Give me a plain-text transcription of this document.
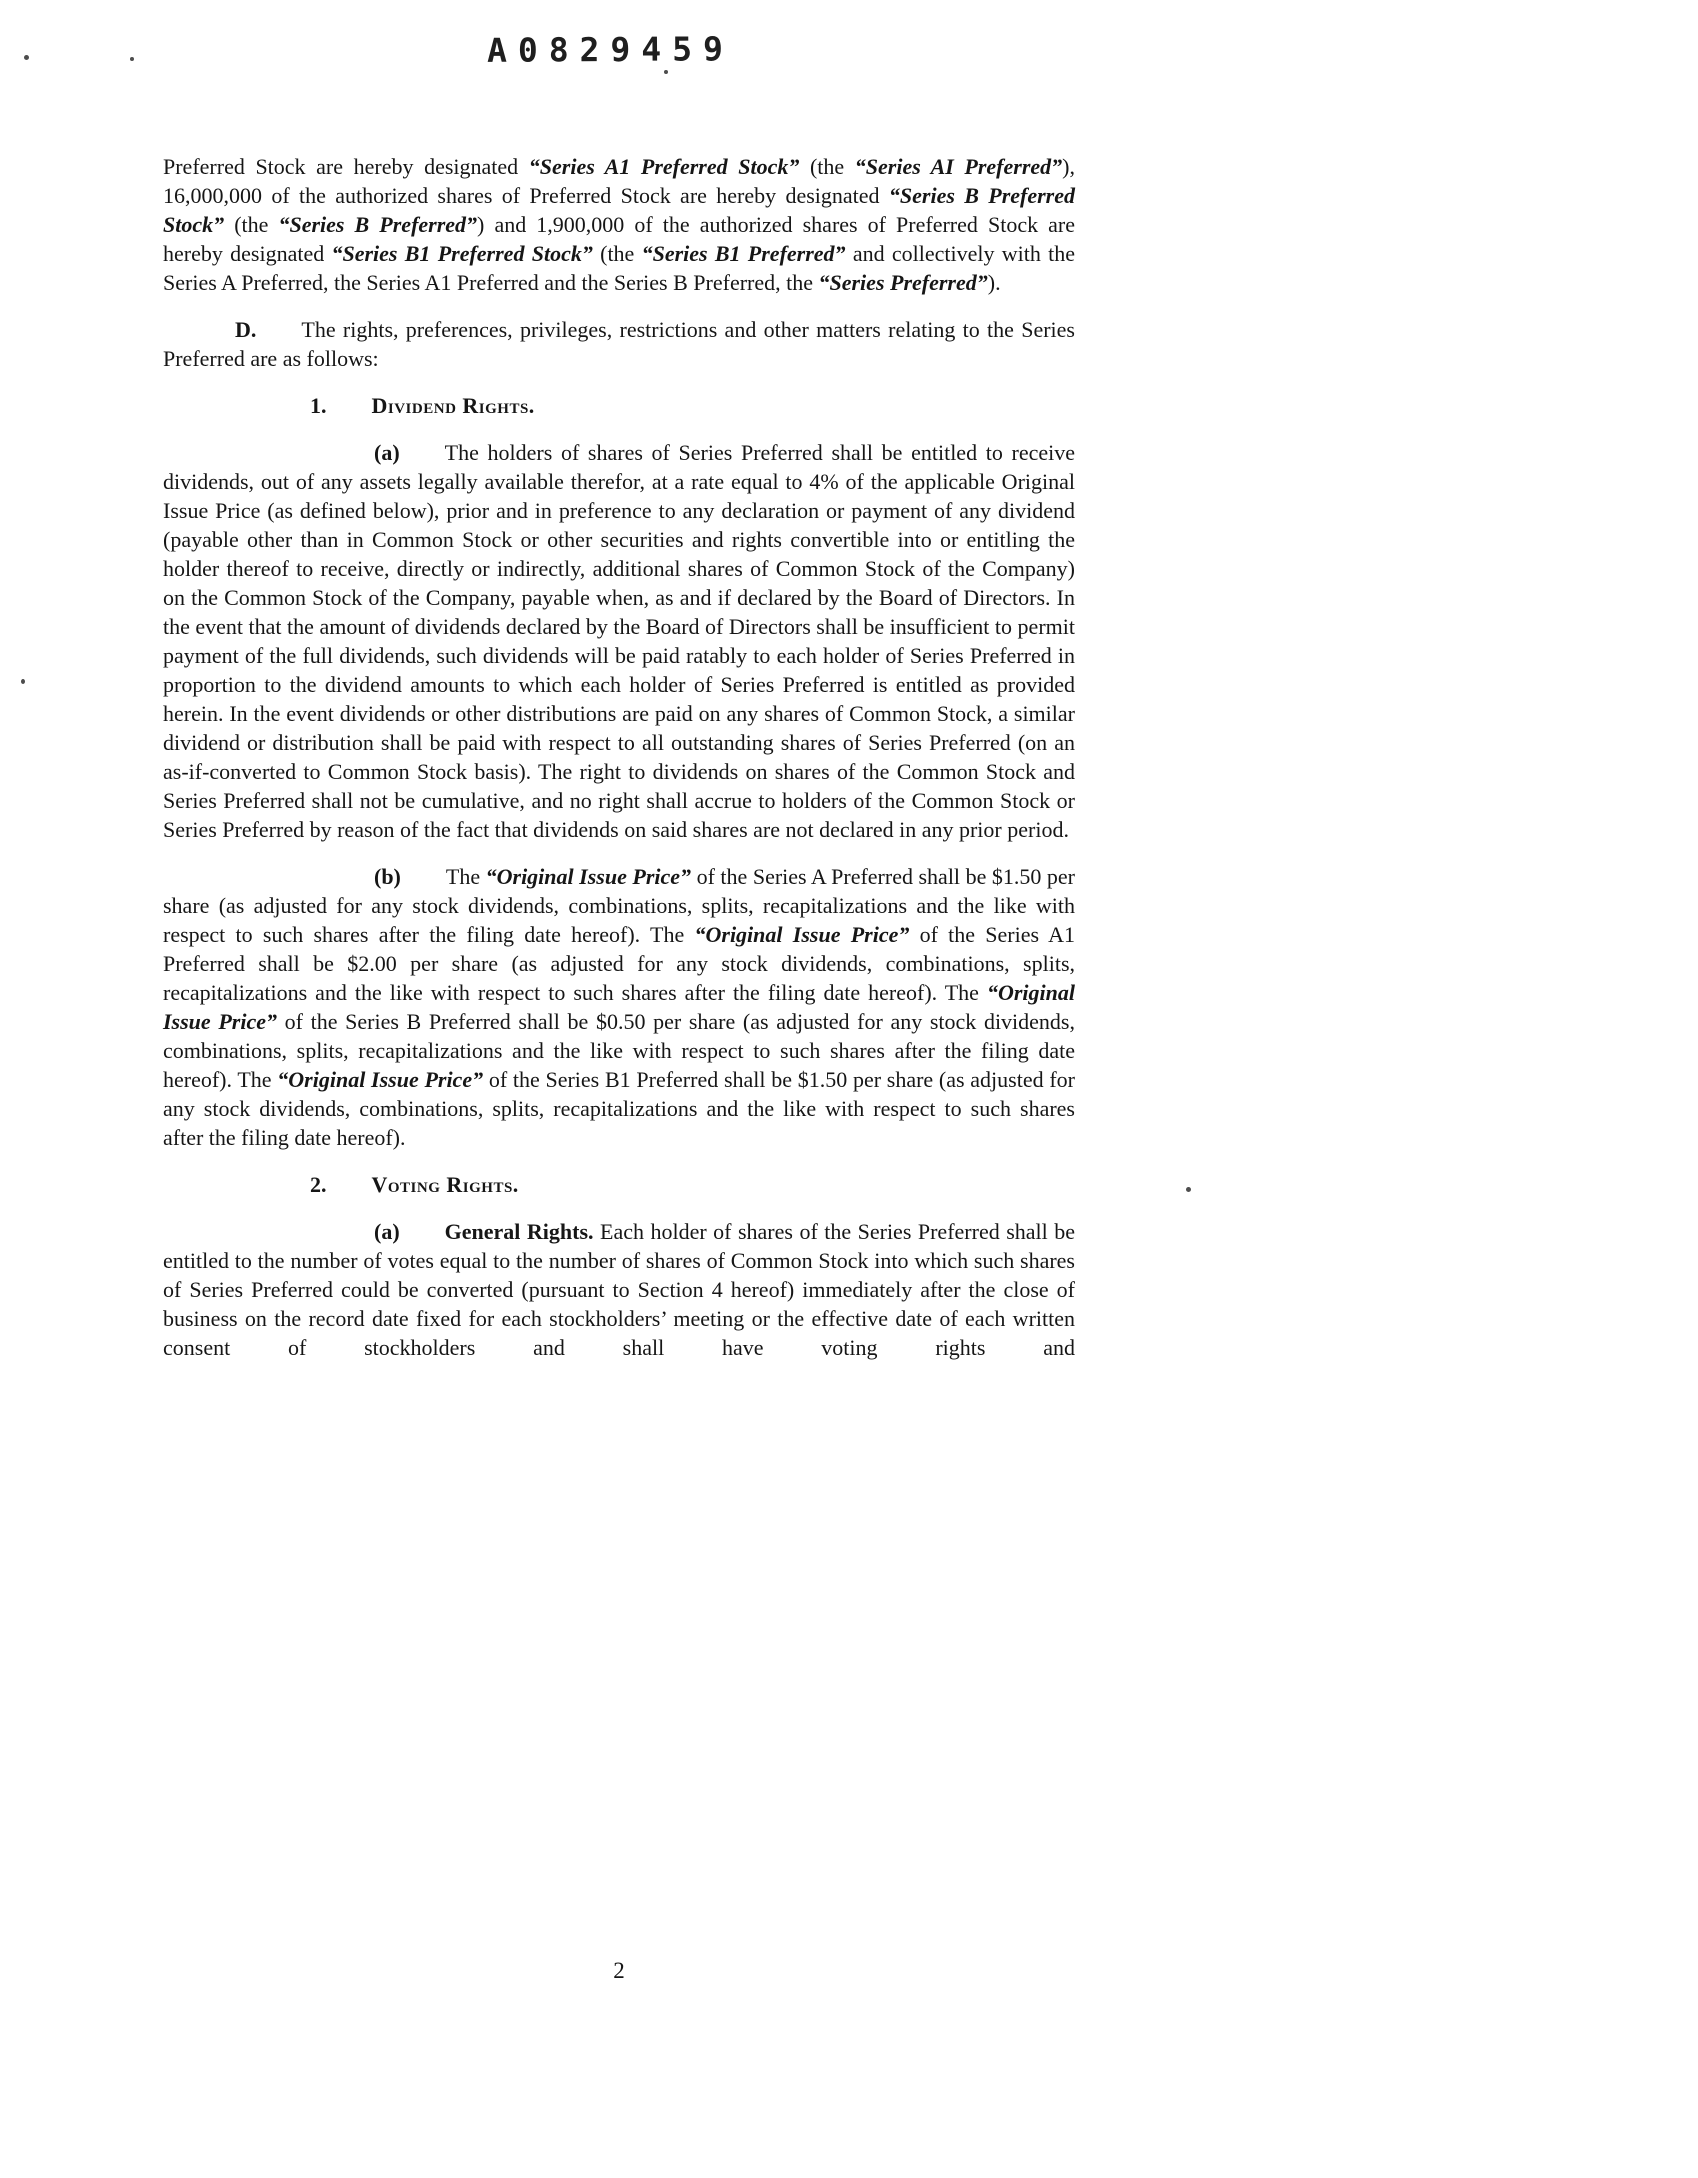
A0829459

Preferred Stock are hereby designated “Series A1 Preferred Stock” (the “Series AI Preferred”), 16,000,000 of the authorized shares of Preferred Stock are hereby designated “Series B Preferred Stock” (the “Series B Preferred”) and 1,900,000 of the authorized shares of Preferred Stock are hereby designated “Series B1 Preferred Stock” (the “Series B1 Preferred” and collectively with the Series A Preferred, the Series A1 Preferred and the Series B Preferred, the “Series Preferred”).

D. The rights, preferences, privileges, restrictions and other matters relating to the Series Preferred are as follows:

1. Dividend Rights.

(a) The holders of shares of Series Preferred shall be entitled to receive dividends, out of any assets legally available therefor, at a rate equal to 4% of the applicable Original Issue Price (as defined below), prior and in preference to any declaration or payment of any dividend (payable other than in Common Stock or other securities and rights convertible into or entitling the holder thereof to receive, directly or indirectly, additional shares of Common Stock of the Company) on the Common Stock of the Company, payable when, as and if declared by the Board of Directors. In the event that the amount of dividends declared by the Board of Directors shall be insufficient to permit payment of the full dividends, such dividends will be paid ratably to each holder of Series Preferred in proportion to the dividend amounts to which each holder of Series Preferred is entitled as provided herein. In the event dividends or other distributions are paid on any shares of Common Stock, a similar dividend or distribution shall be paid with respect to all outstanding shares of Series Preferred (on an as-if-converted to Common Stock basis). The right to dividends on shares of the Common Stock and Series Preferred shall not be cumulative, and no right shall accrue to holders of the Common Stock or Series Preferred by reason of the fact that dividends on said shares are not declared in any prior period.

(b) The “Original Issue Price” of the Series A Preferred shall be $1.50 per share (as adjusted for any stock dividends, combinations, splits, recapitalizations and the like with respect to such shares after the filing date hereof). The “Original Issue Price” of the Series A1 Preferred shall be $2.00 per share (as adjusted for any stock dividends, combinations, splits, recapitalizations and the like with respect to such shares after the filing date hereof). The “Original Issue Price” of the Series B Preferred shall be $0.50 per share (as adjusted for any stock dividends, combinations, splits, recapitalizations and the like with respect to such shares after the filing date hereof). The “Original Issue Price” of the Series B1 Preferred shall be $1.50 per share (as adjusted for any stock dividends, combinations, splits, recapitalizations and the like with respect to such shares after the filing date hereof).

2. Voting Rights.

(a) General Rights. Each holder of shares of the Series Preferred shall be entitled to the number of votes equal to the number of shares of Common Stock into which such shares of Series Preferred could be converted (pursuant to Section 4 hereof) immediately after the close of business on the record date fixed for each stockholders’ meeting or the effective date of each written consent of stockholders and shall have voting rights and

2
